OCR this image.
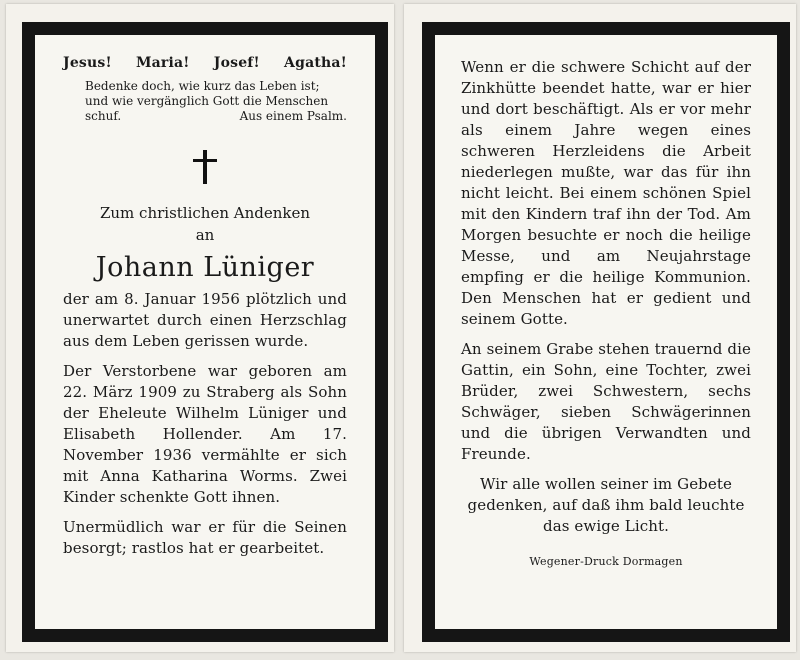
Jesus! Maria! Josef! Agatha!
Bedenke doch, wie kurz das Leben ist;
und wie vergänglich Gott die Menschen
schuf.	Aus einem Psalm.
Zum christlichen Andenken
an
Johann Lüniger

der am 8. Januar 1956 plötzlich und unerwartet durch einen Herzschlag aus dem Leben gerissen wurde.

Der Verstorbene war geboren am 22. März 1909 zu Straberg als Sohn der Eheleute Wilhelm Lüniger und Elisabeth Hollender. Am 17. November 1936 vermählte er sich mit Anna Katharina Worms. Zwei Kinder schenkte Gott ihnen.

Unermüdlich war er für die Seinen besorgt; rastlos hat er gearbeitet.

Wenn er die schwere Schicht auf der Zinkhütte beendet hatte, war er hier und dort beschäftigt. Als er vor mehr als einem Jahre wegen eines schweren Herzleidens die Arbeit niederlegen mußte, war das für ihn nicht leicht. Bei einem schönen Spiel mit den Kindern traf ihn der Tod. Am Morgen besuchte er noch die heilige Messe, und am Neujahrstage empfing er die heilige Kommunion. Den Menschen hat er gedient und seinem Gotte.

An seinem Grabe stehen trauernd die Gattin, ein Sohn, eine Tochter, zwei Brüder, zwei Schwestern, sechs Schwäger, sieben Schwägerinnen und die übrigen Verwandten und Freunde.

Wir alle wollen seiner im Gebete gedenken, auf daß ihm bald leuchte das ewige Licht.

Wegener-Druck Dormagen
